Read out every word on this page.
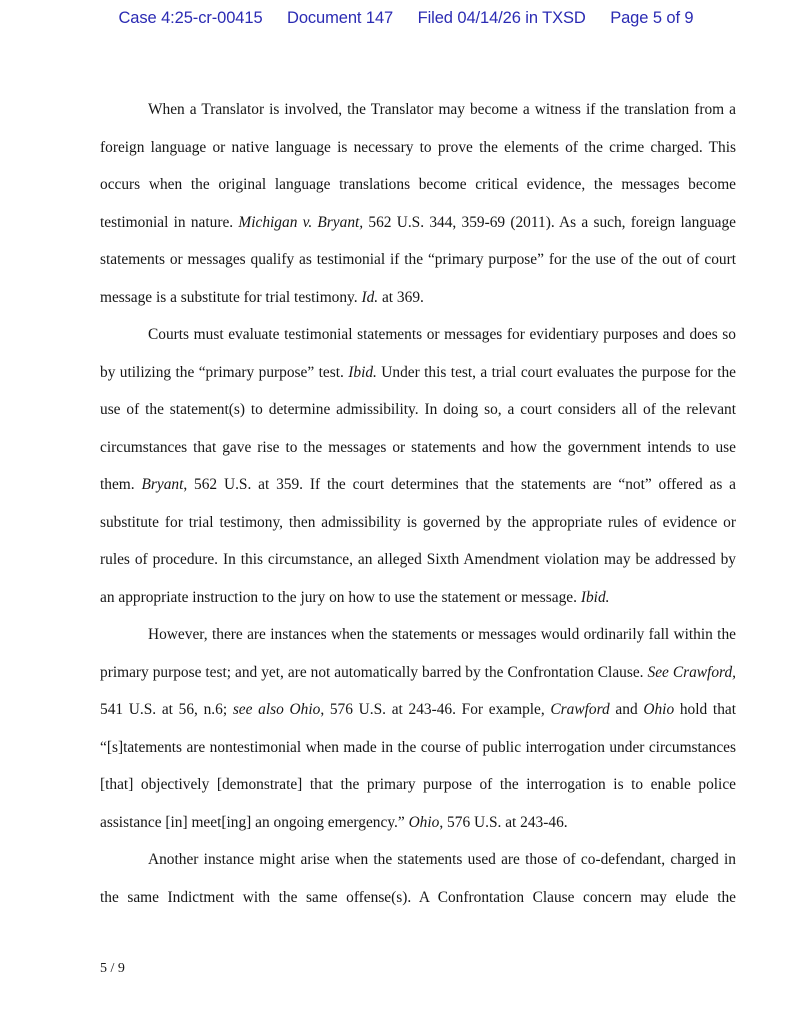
Case 4:25-cr-00415 Document 147 Filed 04/14/26 in TXSD Page 5 of 9

When a Translator is involved, the Translator may become a witness if the translation from a foreign language or native language is necessary to prove the elements of the crime charged. This occurs when the original language translations become critical evidence, the messages become testimonial in nature. Michigan v. Bryant, 562 U.S. 344, 359-69 (2011). As a such, foreign language statements or messages qualify as testimonial if the “primary purpose” for the use of the out of court message is a substitute for trial testimony. Id. at 369.

Courts must evaluate testimonial statements or messages for evidentiary purposes and does so by utilizing the “primary purpose” test. Ibid. Under this test, a trial court evaluates the purpose for the use of the statement(s) to determine admissibility. In doing so, a court considers all of the relevant circumstances that gave rise to the messages or statements and how the government intends to use them. Bryant, 562 U.S. at 359. If the court determines that the statements are “not” offered as a substitute for trial testimony, then admissibility is governed by the appropriate rules of evidence or rules of procedure. In this circumstance, an alleged Sixth Amendment violation may be addressed by an appropriate instruction to the jury on how to use the statement or message. Ibid.

However, there are instances when the statements or messages would ordinarily fall within the primary purpose test; and yet, are not automatically barred by the Confrontation Clause. See Crawford, 541 U.S. at 56, n.6; see also Ohio, 576 U.S. at 243-46. For example, Crawford and Ohio hold that “[s]tatements are nontestimonial when made in the course of public interrogation under circumstances [that] objectively [demonstrate] that the primary purpose of the interrogation is to enable police assistance [in] meet[ing] an ongoing emergency.” Ohio, 576 U.S. at 243-46.

Another instance might arise when the statements used are those of co-defendant, charged in the same Indictment with the same offense(s). A Confrontation Clause concern may elude the

5 / 9
